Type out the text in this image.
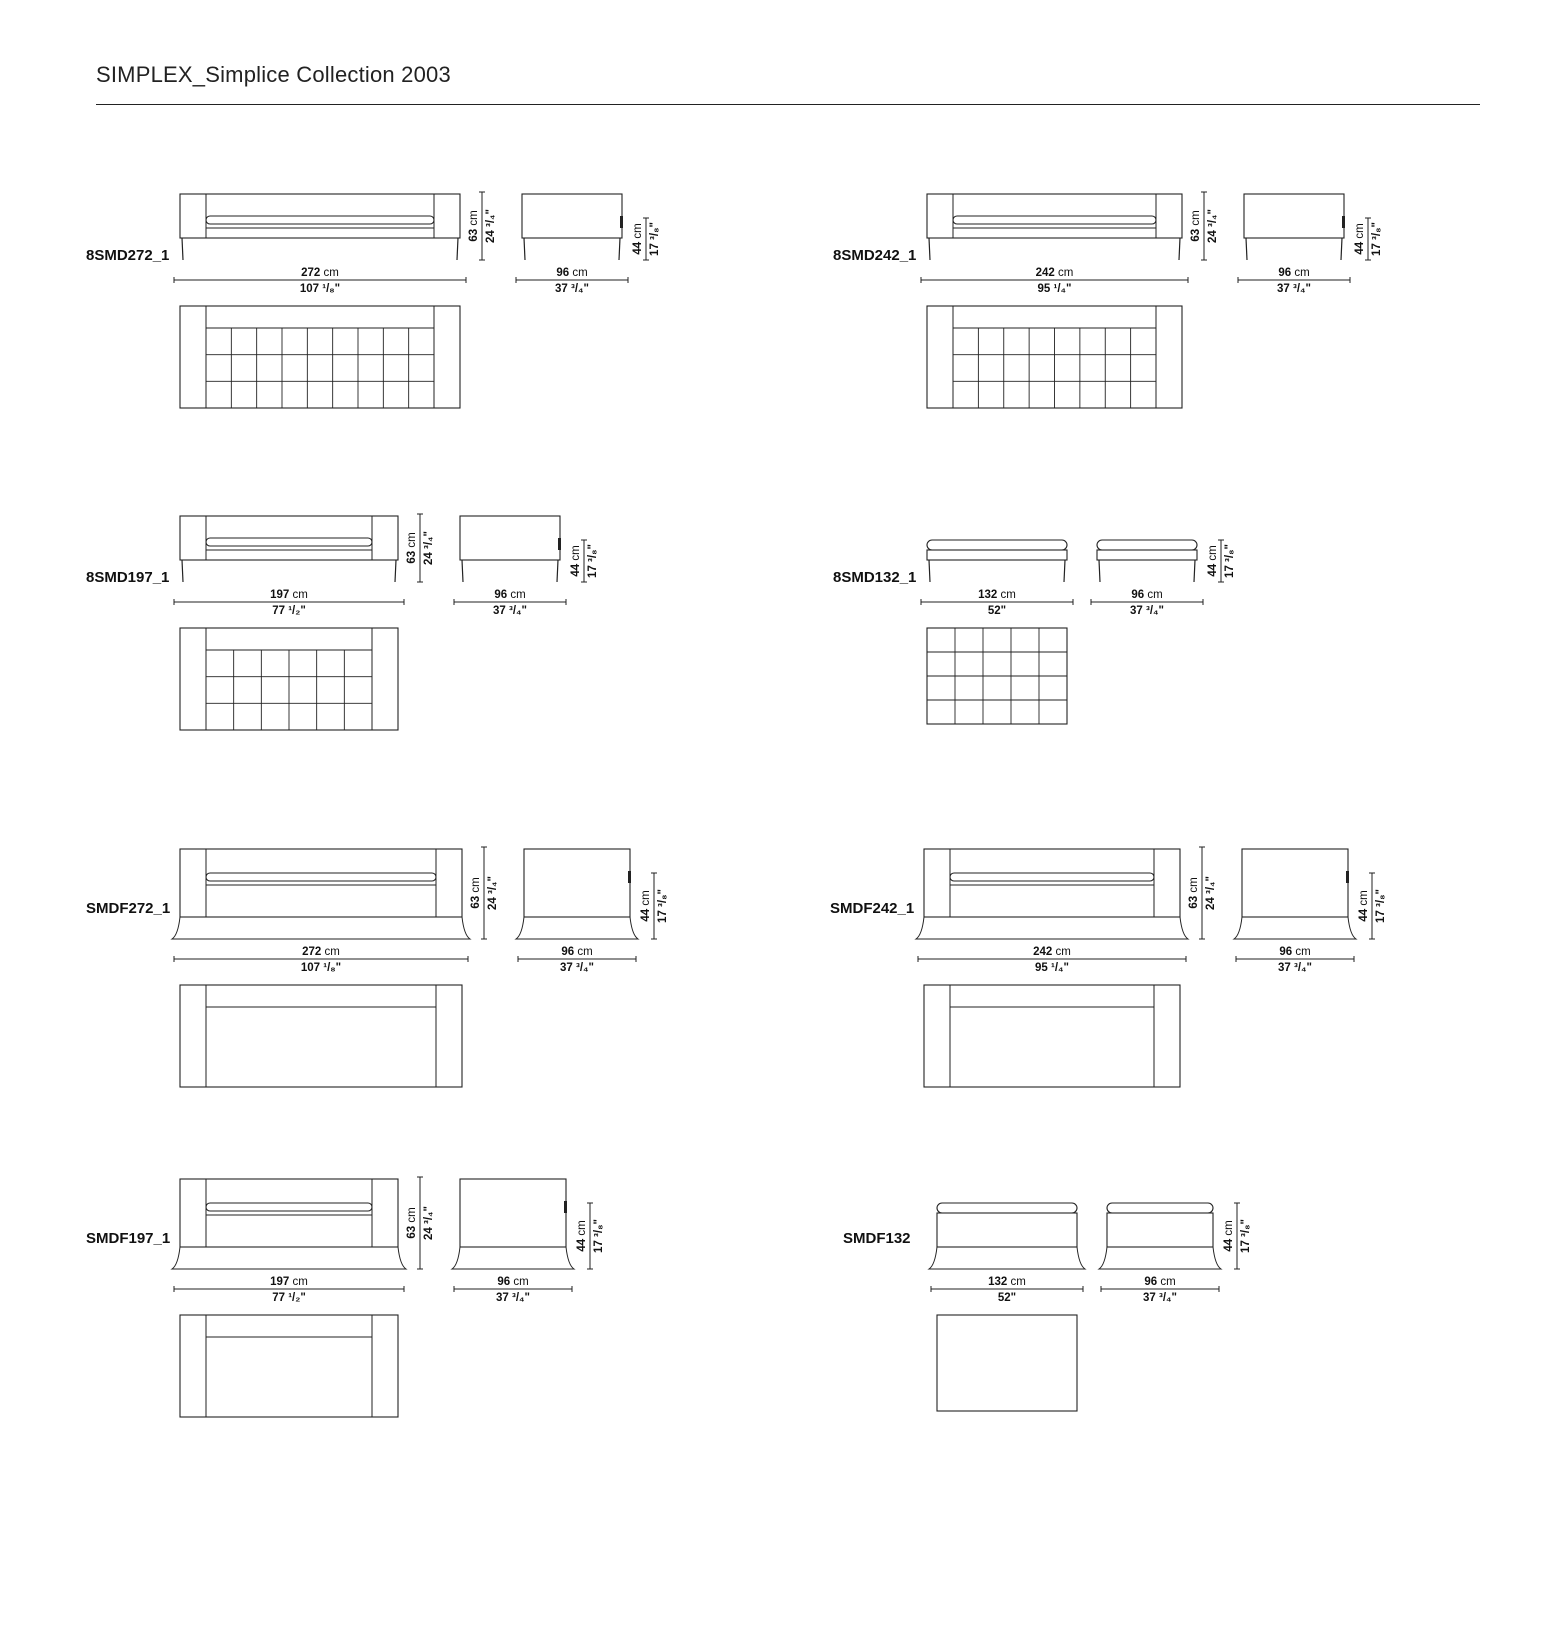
SIMPLEX_Simplice Collection 2003
8SMD272_1
272 cm
107 ¹/₈"
63 cm 24 ³/₄"
96 cm
37 ³/₄"
44 cm 17 ³/₈"	8SMD242_1
242 cm
95 ¹/₄"
63 cm 24 ³/₄"
96 cm
37 ³/₄"
44 cm 17 ³/₈"
8SMD197_1
197 cm
77 ¹/₂"
63 cm 24 ³/₄"
96 cm
37 ³/₄"
44 cm 17 ³/₈"	8SMD132_1
132 cm
52"
96 cm
37 ³/₄"
44 cm 17 ³/₈"
SMDF272_1
272 cm
107 ¹/₈"
63 cm 24 ³/₄"
96 cm
37 ³/₄"
44 cm 17 ³/₈"	SMDF242_1
242 cm
95 ¹/₄"
63 cm 24 ³/₄"
96 cm
37 ³/₄"
44 cm 17 ³/₈"
SMDF197_1
197 cm
77 ¹/₂"
63 cm 24 ³/₄"
96 cm
37 ³/₄"
44 cm 17 ³/₈"	SMDF132
132 cm
52"
96 cm
37 ³/₄"
44 cm 17 ³/₈"
